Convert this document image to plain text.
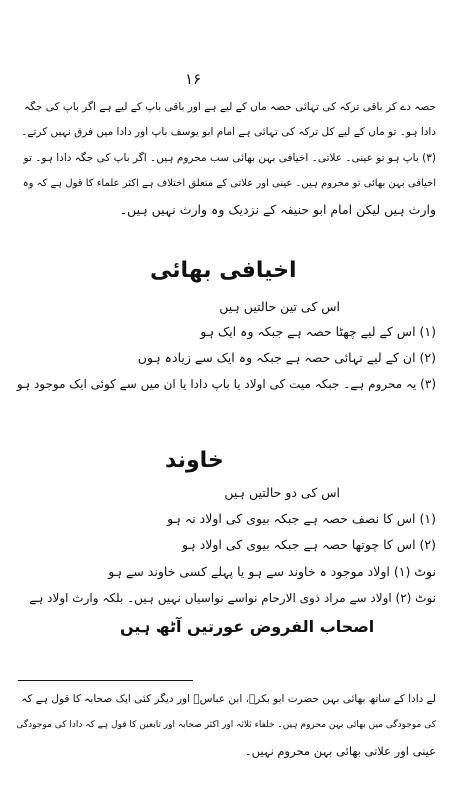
۱۶
حصہ دے کر باقی ترکہ کی تہائی حصہ ماں کے لیے ہے اور باقی باپ کے لیے ہے اگر باپ کی جگہ
دادا ہو۔ تو ماں کے لیے کل ترکہ کی تہائی ہے امام ابو یوسف باپ اور دادا میں فرق نہیں کرتے۔
(۳) باپ ہو تو عینی۔ علاتی۔ اخیافی بہن بھائی سب محروم ہیں۔ اگر باپ کی جگہ دادا ہو۔ تو
اخیافی بہن بھائی تو محروم ہیں۔ عینی اور علاتی کے متعلق اختلاف ہے اکثر علماء کا قول ہے کہ وہ
وارث ہیں لیکن امام ابو حنیفہ کے نزدیک وہ وارث نہیں ہیں۔
اخیافی بھائی
اس کی تین حالتیں ہیں
(۱) اس کے لیے چھٹا حصہ ہے جبکہ وہ ایک ہو
(۲) ان کے لیے تہائی حصہ ہے جبکہ وہ ایک سے زیادہ ہوں
(۳) یہ محروم ہے۔ جبکہ میت کی اولاد یا باپ دادا یا ان میں سے کوئی ایک موجود ہو
خاوند
اس کی دو حالتیں ہیں
(۱) اس کا نصف حصہ ہے جبکہ بیوی کی اولاد نہ ہو
(۲) اس کا چوتھا حصہ ہے جبکہ بیوی کی اولاد ہو
نوٹ (۱) اولاد موجود ہ خاوند سے ہو یا پہلے کسی خاوند سے ہو
نوٹ (۲) اولاد سے مراد ذوی الارحام نواسے نواسیاں نہیں ہیں۔ بلکہ وارث اولاد ہے
اصحاب الفروض عورتیں آٹھ ہیں
لے دادا کے ساتھ بھائی بہن حضرت ابو بکرؓ، ابن عباسؓ اور دیگر کئی ایک صحابہ کا قول ہے کہ
کی موجودگی میں بھائی بہن محروم ہیں۔ خلفاء ثلاثہ اور اکثر صحابہ اور تابعین کا قول ہے کہ دادا کی موجودگی
عینی اور علاتی بھائی بہن محروم نہیں۔
